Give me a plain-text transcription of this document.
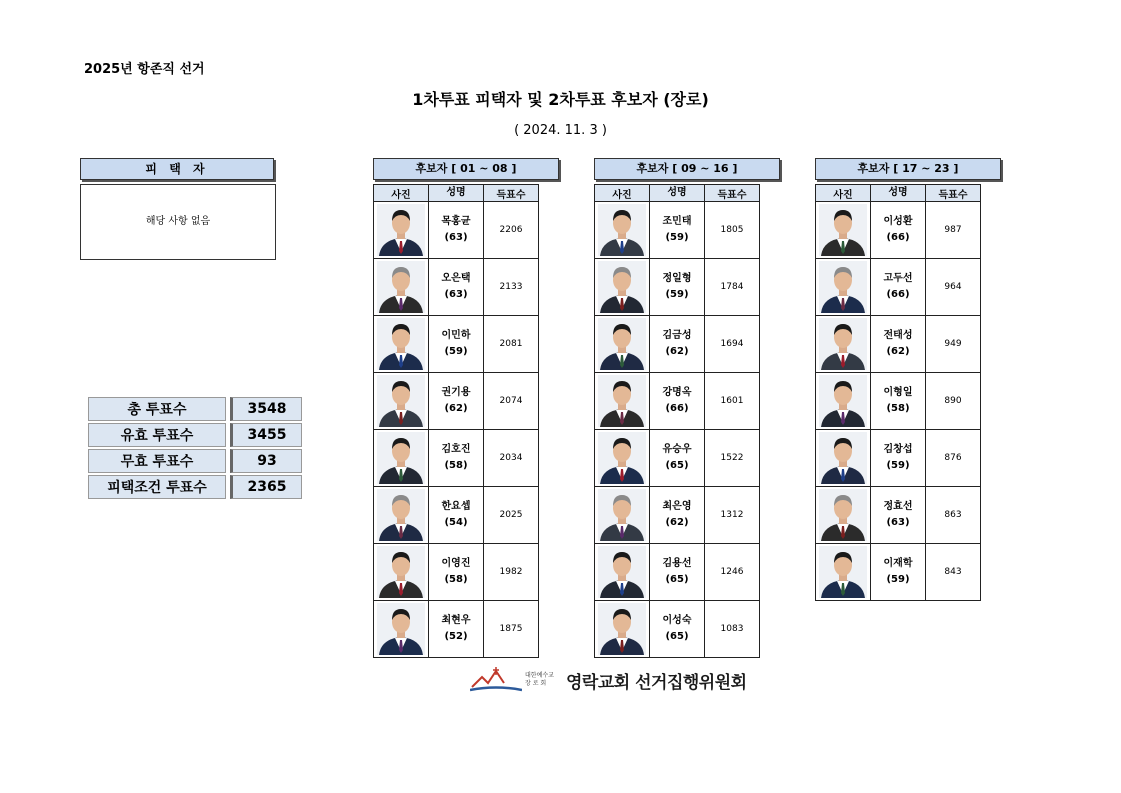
2025년 항존직 선거
1차투표 피택자 및 2차투표 후보자 (장로)
( 2024. 11. 3 )
피 택 자
해당 사항 없음
총 투표수		3548
유효 투표수		3455
무효 투표수		93
피택조건 투표수		2365
후보자 [ 01 ~ 08 ]
사진	성명	득표수

목홍균
(63)	2206

오은택
(63)	2133

이민하
(59)	2081

권기용
(62)	2074

김호진
(58)	2034

한요셉
(54)	2025

이영진
(58)	1982

최현우
(52)	1875
후보자 [ 09 ~ 16 ]
사진	성명	득표수

조민태
(59)	1805

정일형
(59)	1784

김금성
(62)	1694

강명옥
(66)	1601

유승우
(65)	1522

최은영
(62)	1312

김용선
(65)	1246

이성숙
(65)	1083
후보자 [ 17 ~ 23 ]
사진	성명	득표수

이성환
(66)	987

고두선
(66)	964

전태성
(62)	949

이형일
(58)	890

김창섭
(59)	876

정효선
(63)	863

이재학
(59)	843
대한예수교
장 로 회	영락교회 선거집행위원회
